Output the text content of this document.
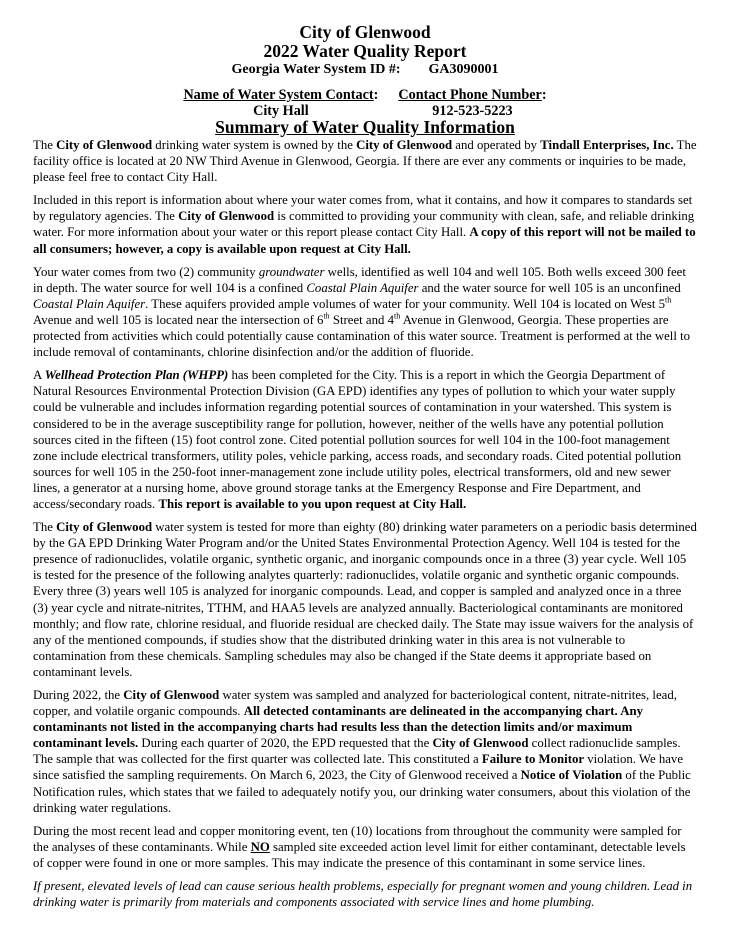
City of Glenwood
2022 Water Quality Report
Georgia Water System ID #: GA3090001
Name of Water System Contact:
City Hall
Contact Phone Number:
912-523-5223
Summary of Water Quality Information

The City of Glenwood drinking water system is owned by the City of Glenwood and operated by Tindall Enterprises, Inc. The facility office is located at 20 NW Third Avenue in Glenwood, Georgia. If there are ever any comments or inquiries to be made, please feel free to contact City Hall.

Included in this report is information about where your water comes from, what it contains, and how it compares to standards set by regulatory agencies. The City of Glenwood is committed to providing your community with clean, safe, and reliable drinking water. For more information about your water or this report please contact City Hall. A copy of this report will not be mailed to all consumers; however, a copy is available upon request at City Hall.

Your water comes from two (2) community groundwater wells, identified as well 104 and well 105. Both wells exceed 300 feet in depth. The water source for well 104 is a confined Coastal Plain Aquifer and the water source for well 105 is an unconfined Coastal Plain Aquifer. These aquifers provided ample volumes of water for your community. Well 104 is located on West 5th Avenue and well 105 is located near the intersection of 6th Street and 4th Avenue in Glenwood, Georgia. These properties are protected from activities which could potentially cause contamination of this water source. Treatment is performed at the well to include removal of contaminants, chlorine disinfection and/or the addition of fluoride.

A Wellhead Protection Plan (WHPP) has been completed for the City. This is a report in which the Georgia Department of Natural Resources Environmental Protection Division (GA EPD) identifies any types of pollution to which your water supply could be vulnerable and includes information regarding potential sources of contamination in your watershed. This system is considered to be in the average susceptibility range for pollution, however, neither of the wells have any potential pollution sources cited in the fifteen (15) foot control zone. Cited potential pollution sources for well 104 in the 100-foot management zone include electrical transformers, utility poles, vehicle parking, access roads, and secondary roads. Cited potential pollution sources for well 105 in the 250-foot inner-management zone include utility poles, electrical transformers, old and new sewer lines, a generator at a nursing home, above ground storage tanks at the Emergency Response and Fire Department, and access/secondary roads. This report is available to you upon request at City Hall.

The City of Glenwood water system is tested for more than eighty (80) drinking water parameters on a periodic basis determined by the GA EPD Drinking Water Program and/or the United States Environmental Protection Agency. Well 104 is tested for the presence of radionuclides, volatile organic, synthetic organic, and inorganic compounds once in a three (3) year cycle. Well 105 is tested for the presence of the following analytes quarterly: radionuclides, volatile organic and synthetic organic compounds. Every three (3) years well 105 is analyzed for inorganic compounds. Lead, and copper is sampled and analyzed once in a three (3) year cycle and nitrate-nitrites, TTHM, and HAA5 levels are analyzed annually. Bacteriological contaminants are monitored monthly; and flow rate, chlorine residual, and fluoride residual are checked daily. The State may issue waivers for the analysis of any of the mentioned compounds, if studies show that the distributed drinking water in this area is not vulnerable to contamination from these chemicals. Sampling schedules may also be changed if the State deems it appropriate based on contaminant levels.

During 2022, the City of Glenwood water system was sampled and analyzed for bacteriological content, nitrate-nitrites, lead, copper, and volatile organic compounds. All detected contaminants are delineated in the accompanying chart. Any contaminants not listed in the accompanying charts had results less than the detection limits and/or maximum contaminant levels. During each quarter of 2020, the EPD requested that the City of Glenwood collect radionuclide samples. The sample that was collected for the first quarter was collected late. This constituted a Failure to Monitor violation. We have since satisfied the sampling requirements. On March 6, 2023, the City of Glenwood received a Notice of Violation of the Public Notification rules, which states that we failed to adequately notify you, our drinking water consumers, about this violation of the drinking water regulations.

During the most recent lead and copper monitoring event, ten (10) locations from throughout the community were sampled for the analyses of these contaminants. While NO sampled site exceeded action level limit for either contaminant, detectable levels of copper were found in one or more samples. This may indicate the presence of this contaminant in some service lines.

If present, elevated levels of lead can cause serious health problems, especially for pregnant women and young children. Lead in drinking water is primarily from materials and components associated with service lines and home plumbing.
